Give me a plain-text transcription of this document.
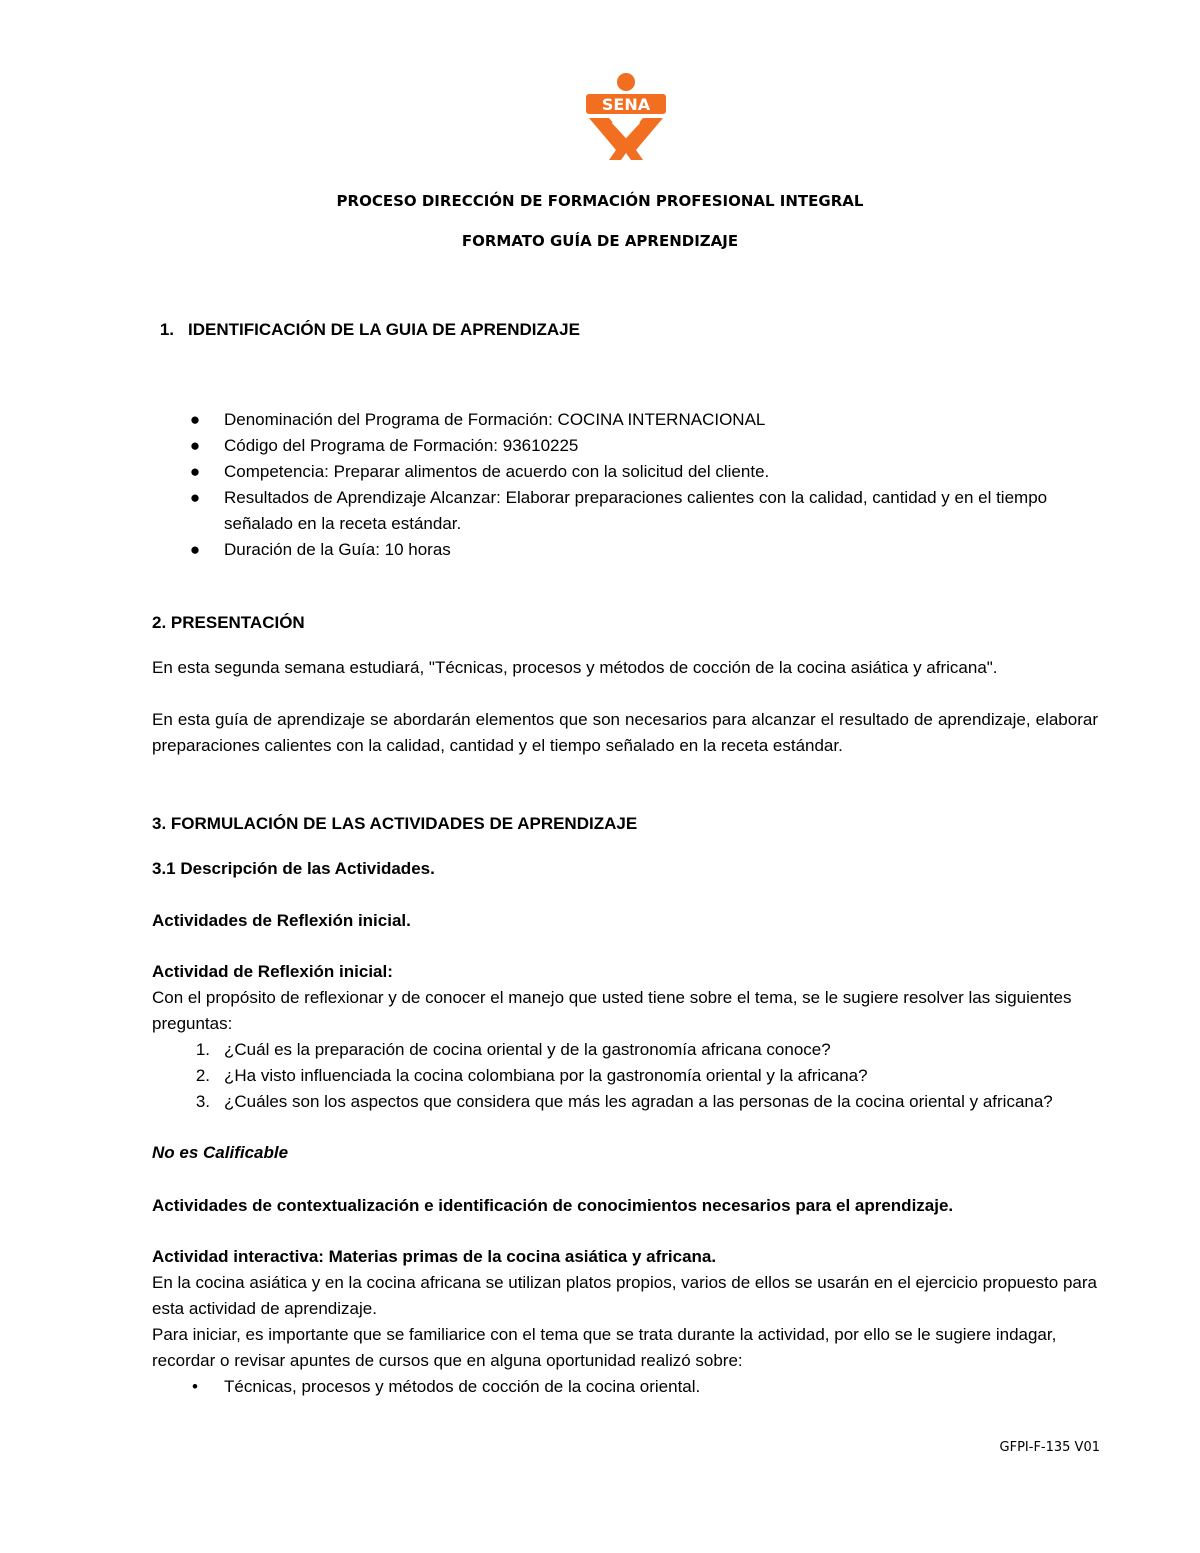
SENA
PROCESO DIRECCIÓN DE FORMACIÓN PROFESIONAL INTEGRAL
FORMATO GUÍA DE APRENDIZAJE
1. IDENTIFICACIÓN DE LA GUIA DE APRENDIZAJE
●	Denominación del Programa de Formación: COCINA INTERNACIONAL
●	Código del Programa de Formación: 93610225
●	Competencia: Preparar alimentos de acuerdo con la solicitud del cliente.
●	Resultados de Aprendizaje Alcanzar: Elaborar preparaciones calientes con la calidad, cantidad y en el tiempo señalado en la receta estándar.
●	Duración de la Guía: 10 horas
2. PRESENTACIÓN
En esta segunda semana estudiará, "Técnicas, procesos y métodos de cocción de la cocina asiática y africana".
En esta guía de aprendizaje se abordarán elementos que son necesarios para alcanzar el resultado de aprendizaje, elaborar preparaciones calientes con la calidad, cantidad y el tiempo señalado en la receta estándar.
3. FORMULACIÓN DE LAS ACTIVIDADES DE APRENDIZAJE
3.1 Descripción de las Actividades.
Actividades de Reflexión inicial.
Actividad de Reflexión inicial:
Con el propósito de reflexionar y de conocer el manejo que usted tiene sobre el tema, se le sugiere resolver las siguientes preguntas:
1. ¿Cuál es la preparación de cocina oriental y de la gastronomía africana conoce?
2. ¿Ha visto influenciada la cocina colombiana por la gastronomía oriental y la africana?
3. ¿Cuáles son los aspectos que considera que más les agradan a las personas de la cocina oriental y africana?
No es Calificable
Actividades de contextualización e identificación de conocimientos necesarios para el aprendizaje.
Actividad interactiva: Materias primas de la cocina asiática y africana.
En la cocina asiática y en la cocina africana se utilizan platos propios, varios de ellos se usarán en el ejercicio propuesto para esta actividad de aprendizaje.
Para iniciar, es importante que se familiarice con el tema que se trata durante la actividad, por ello se le sugiere indagar, recordar o revisar apuntes de cursos que en alguna oportunidad realizó sobre:
•	Técnicas, procesos y métodos de cocción de la cocina oriental.
GFPI-F-135 V01
